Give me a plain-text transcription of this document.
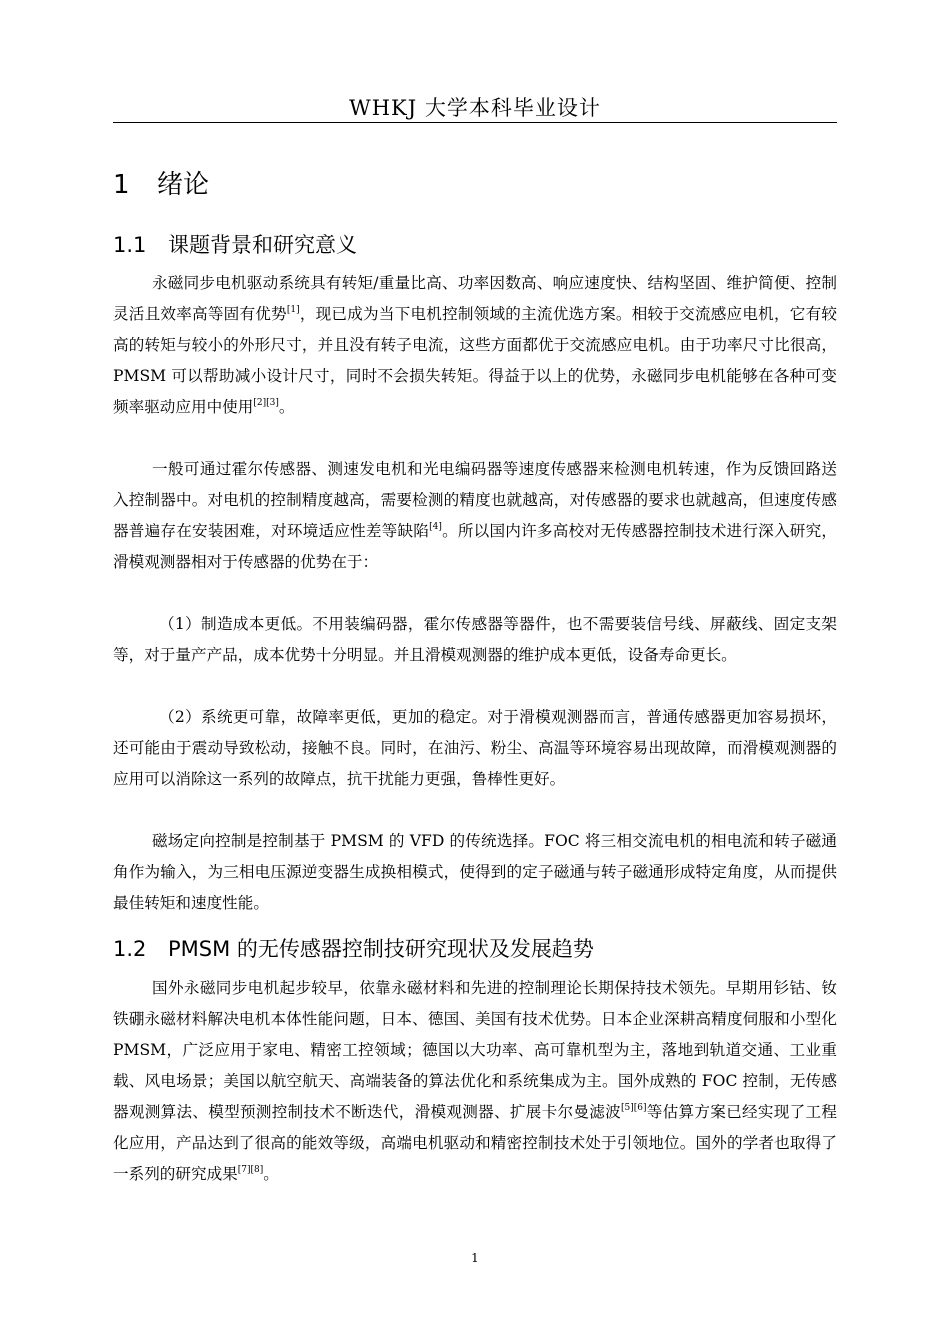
WHKJ 大学本科毕业设计
1 绪论
1.1 课题背景和研究意义

永磁同步电机驱动系统具有转矩/重量比高、功率因数高、响应速度快、结构坚固、维护简便、控制灵活且效率高等固有优势[1]，现已成为当下电机控制领域的主流优选方案。相较于交流感应电机，它有较高的转矩与较小的外形尺寸，并且没有转子电流，这些方面都优于交流感应电机。由于功率尺寸比很高，PMSM 可以帮助减小设计尺寸，同时不会损失转矩。得益于以上的优势，永磁同步电机能够在各种可变频率驱动应用中使用[2][3]。

一般可通过霍尔传感器、测速发电机和光电编码器等速度传感器来检测电机转速，作为反馈回路送入控制器中。对电机的控制精度越高，需要检测的精度也就越高，对传感器的要求也就越高，但速度传感器普遍存在安装困难，对环境适应性差等缺陷[4]。所以国内许多高校对无传感器控制技术进行深入研究，滑模观测器相对于传感器的优势在于：

（1）制造成本更低。不用装编码器，霍尔传感器等器件，也不需要装信号线、屏蔽线、固定支架等，对于量产产品，成本优势十分明显。并且滑模观测器的维护成本更低，设备寿命更长。

（2）系统更可靠，故障率更低，更加的稳定。对于滑模观测器而言，普通传感器更加容易损坏，还可能由于震动导致松动，接触不良。同时，在油污、粉尘、高温等环境容易出现故障，而滑模观测器的应用可以消除这一系列的故障点，抗干扰能力更强，鲁棒性更好。

磁场定向控制是控制基于 PMSM 的 VFD 的传统选择。FOC 将三相交流电机的相电流和转子磁通角作为输入，为三相电压源逆变器生成换相模式，使得到的定子磁通与转子磁通形成特定角度，从而提供最佳转矩和速度性能。

1.2 PMSM 的无传感器控制技研究现状及发展趋势

国外永磁同步电机起步较早，依靠永磁材料和先进的控制理论长期保持技术领先。早期用钐钴、钕铁硼永磁材料解决电机本体性能问题，日本、德国、美国有技术优势。日本企业深耕高精度伺服和小型化 PMSM，广泛应用于家电、精密工控领域；德国以大功率、高可靠机型为主，落地到轨道交通、工业重载、风电场景；美国以航空航天、高端装备的算法优化和系统集成为主。国外成熟的 FOC 控制，无传感器观测算法、模型预测控制技术不断迭代，滑模观测器、扩展卡尔曼滤波[5][6]等估算方案已经实现了工程化应用，产品达到了很高的能效等级，高端电机驱动和精密控制技术处于引领地位。国外的学者也取得了一系列的研究成果[7][8]。

1
